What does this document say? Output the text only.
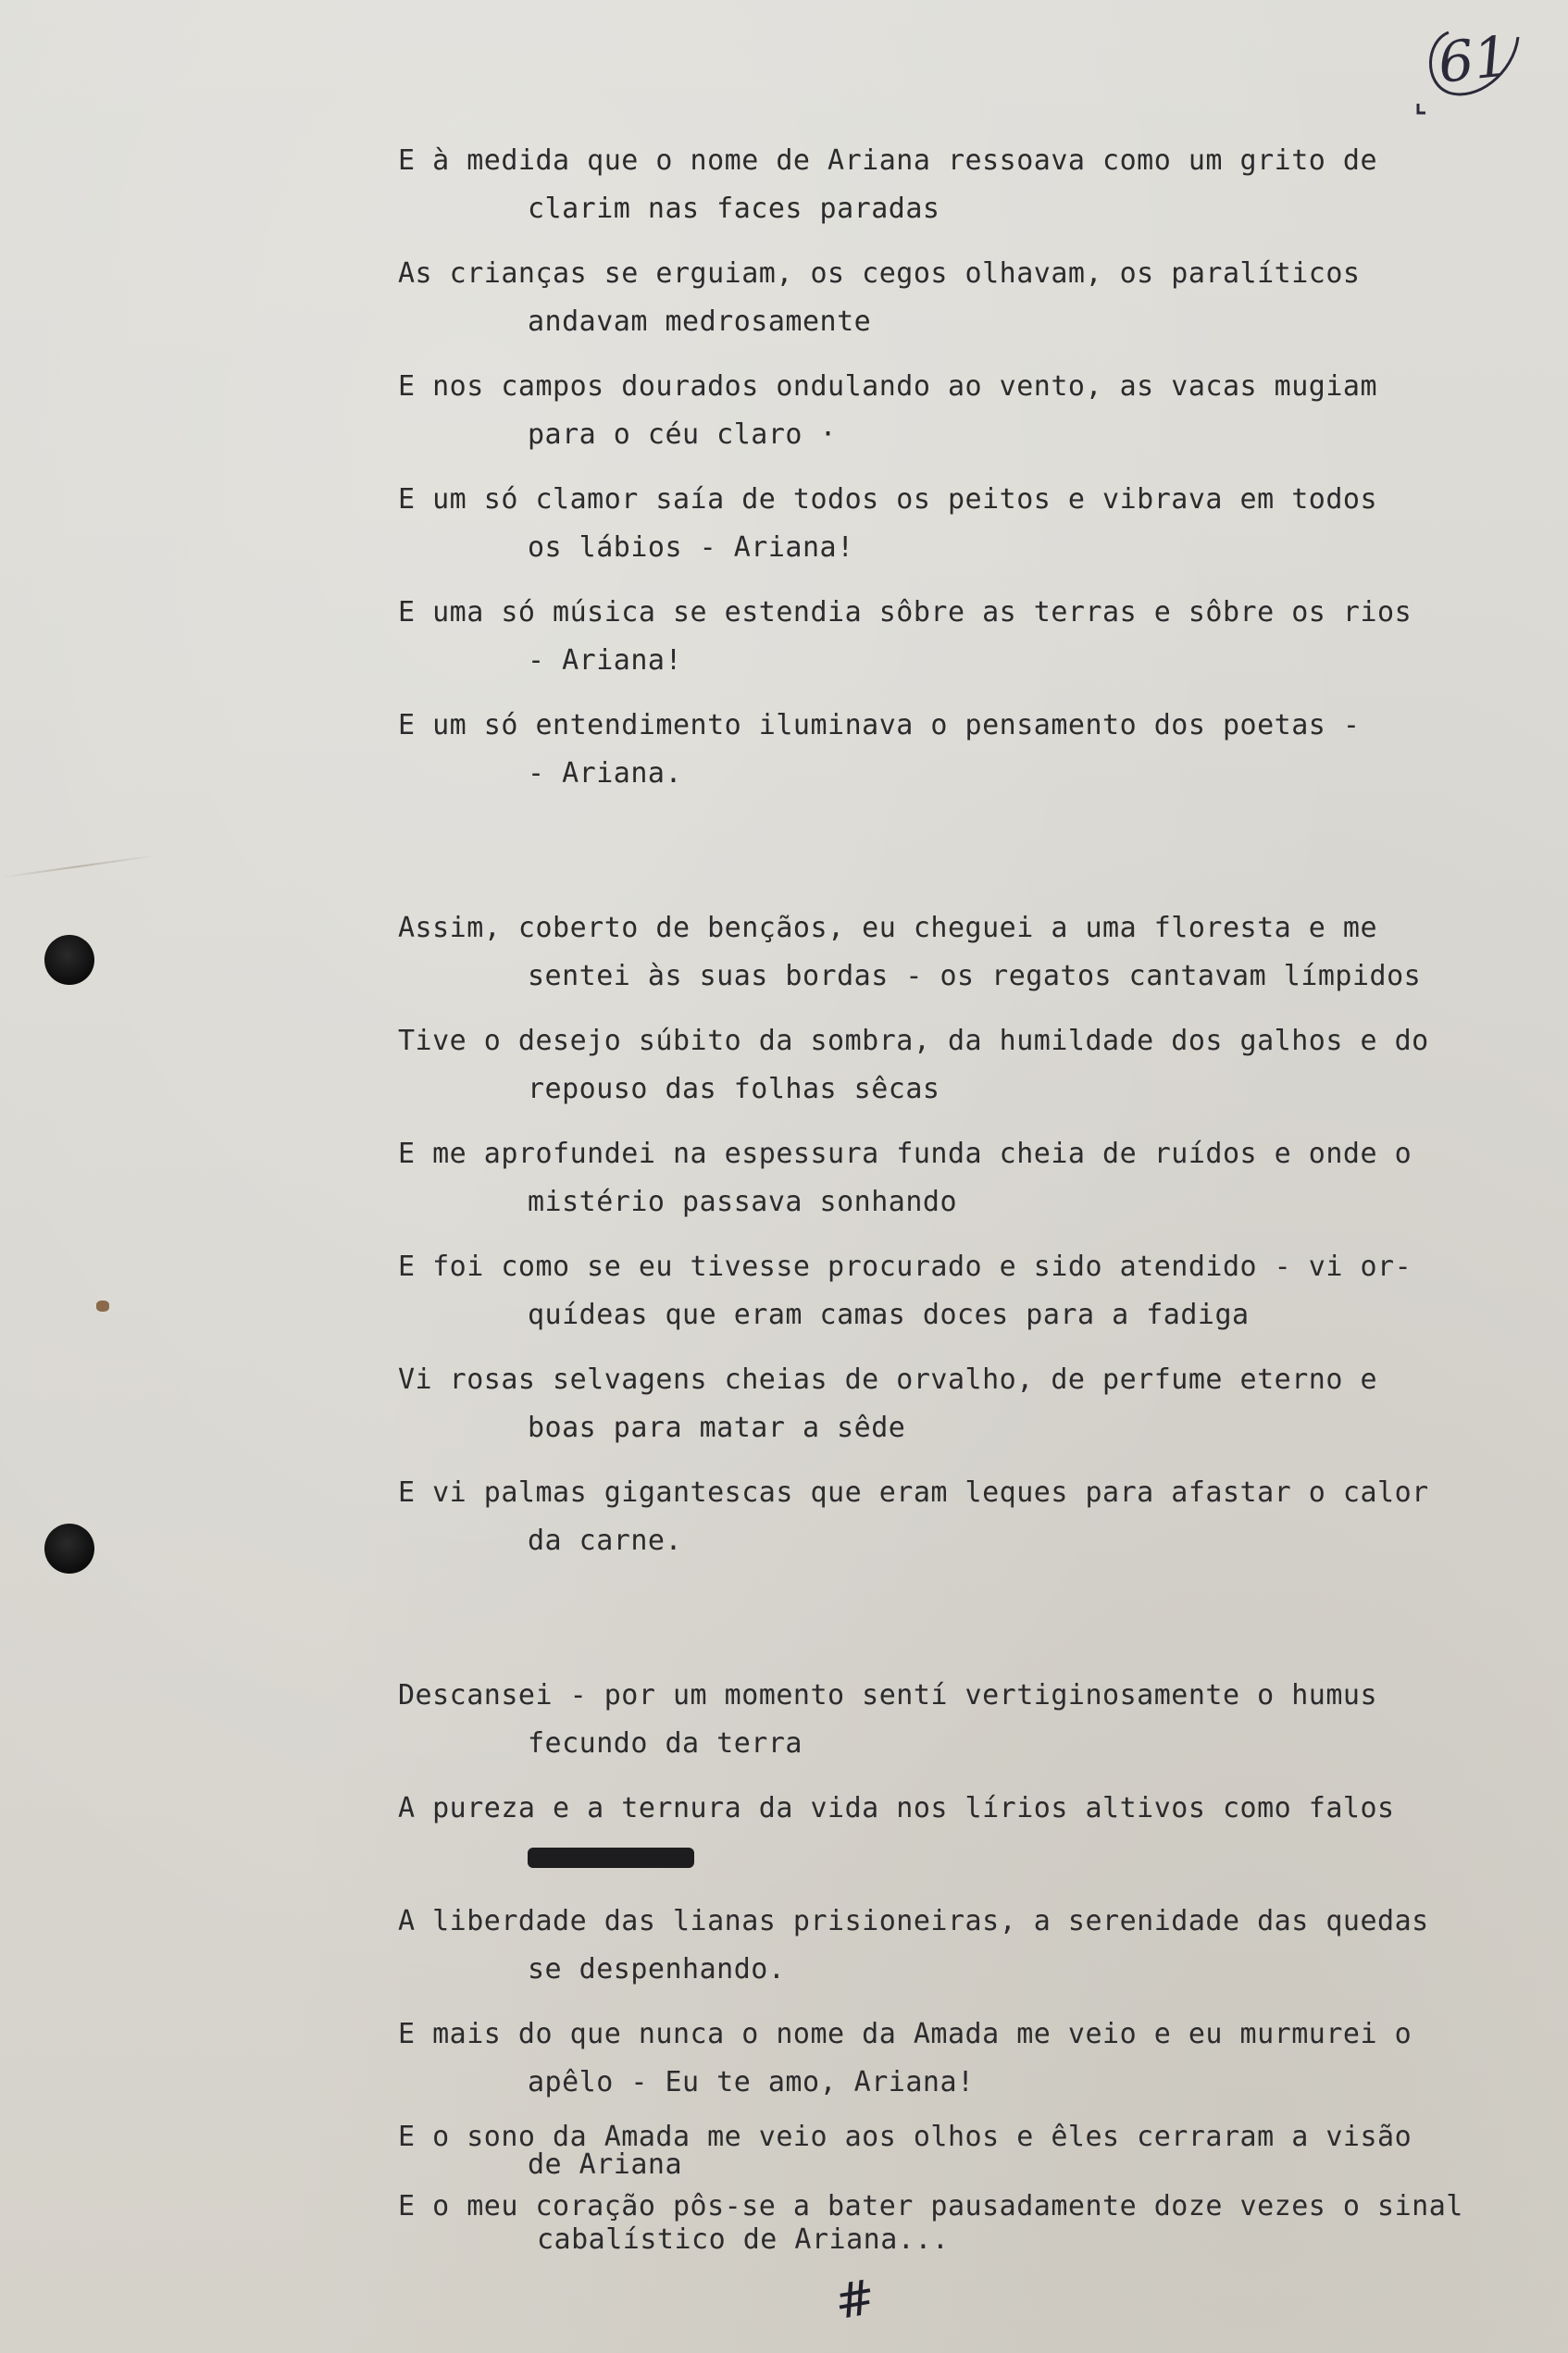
61
E à medida que o nome de Ariana ressoava como um grito de
clarim nas faces paradas
As crianças se erguiam, os cegos olhavam, os paralíticos
andavam medrosamente
E nos campos dourados ondulando ao vento, as vacas mugiam
para o céu claro ·
E um só clamor saía de todos os peitos e vibrava em todos
os lábios - Ariana!
E uma só música se estendia sôbre as terras e sôbre os rios
- Ariana!
E um só entendimento iluminava o pensamento dos poetas -
- Ariana.
Assim, coberto de bençãos, eu cheguei a uma floresta e me
sentei às suas bordas - os regatos cantavam límpidos
Tive o desejo súbito da sombra, da humildade dos galhos e do
repouso das folhas sêcas
E me aprofundei na espessura funda cheia de ruídos e onde o
mistério passava sonhando
E foi como se eu tivesse procurado e sido atendido - vi or-
quídeas que eram camas doces para a fadiga
Vi rosas selvagens cheias de orvalho, de perfume eterno e
boas para matar a sêde
E vi palmas gigantescas que eram leques para afastar o calor
da carne.
Descansei - por um momento sentí vertiginosamente o humus
fecundo da terra
A pureza e a ternura da vida nos lírios altivos como falos
A liberdade das lianas prisioneiras, a serenidade das quedas
se despenhando.
E mais do que nunca o nome da Amada me veio e eu murmurei o
apêlo - Eu te amo, Ariana!
E o sono da Amada me veio aos olhos e êles cerraram a visão
de Ariana
E o meu coração pôs-se a bater pausadamente doze vezes o sinal
cabalístico de Ariana...
#
